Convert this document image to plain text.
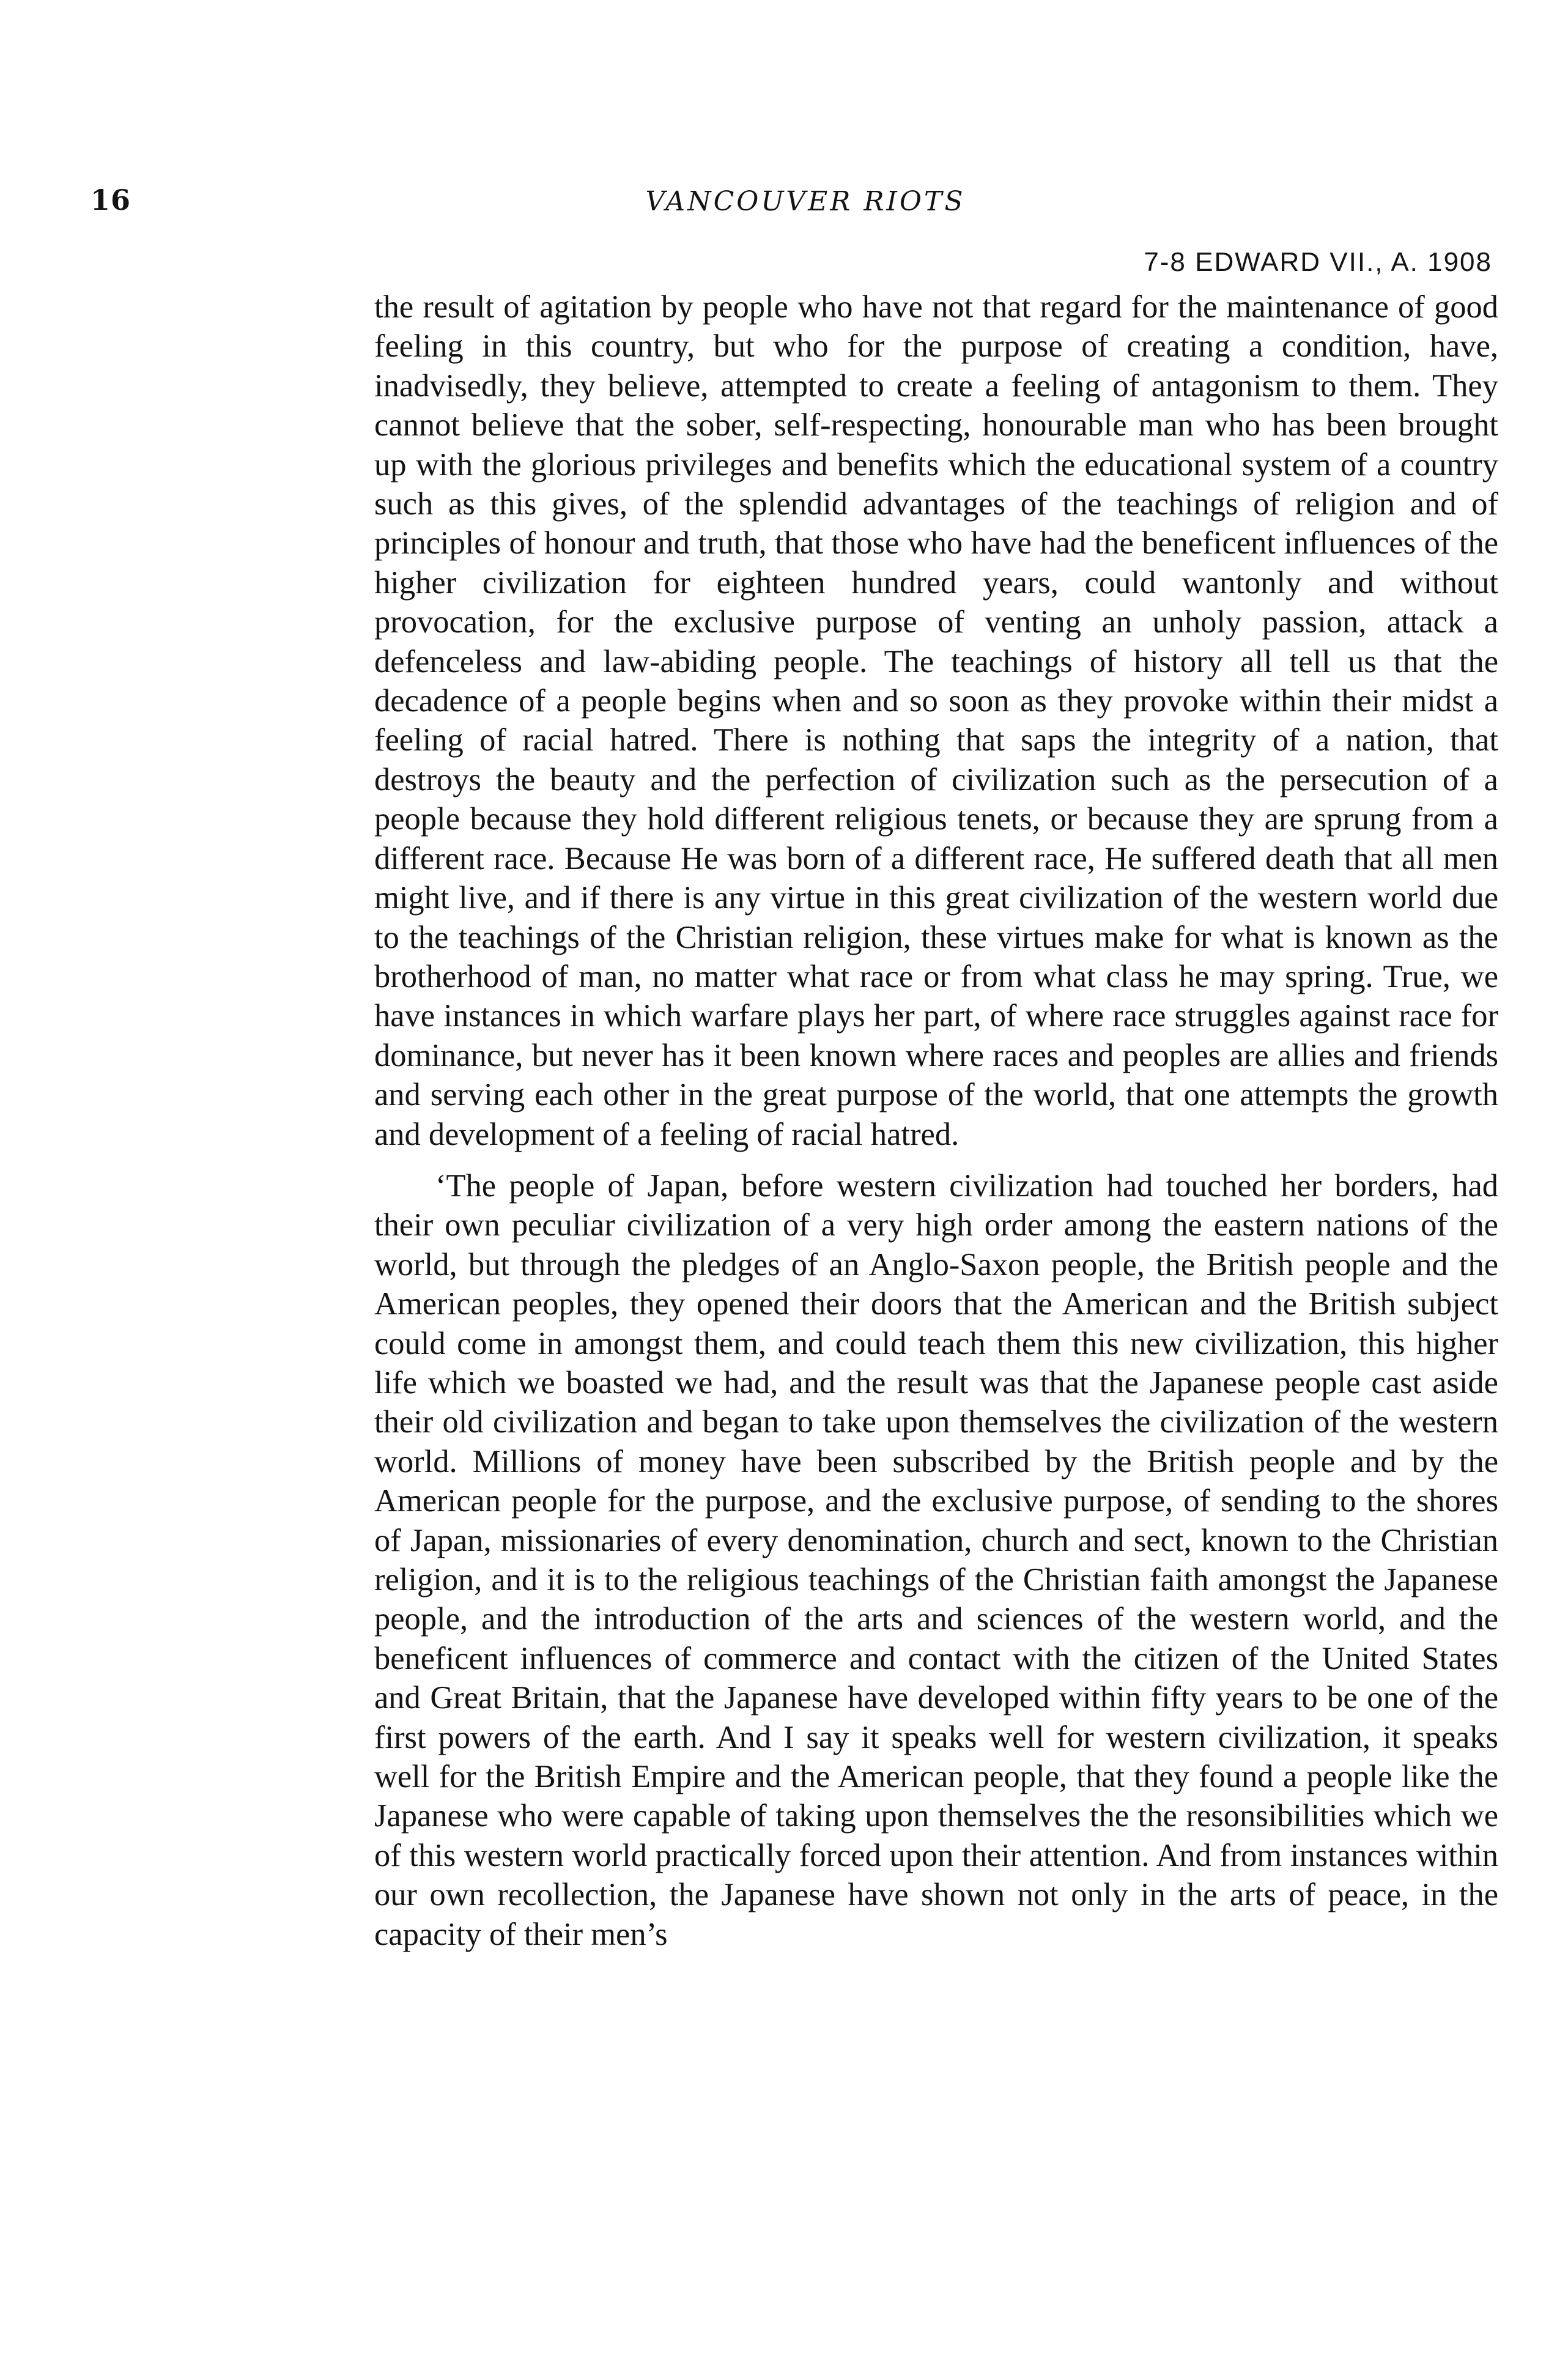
16	VANCOUVER RIOTS
7-8 EDWARD VII., A. 1908

the result of agitation by people who have not that regard for the maintenance of good feeling in this country, but who for the purpose of creating a condition, have, inadvisedly, they believe, attempted to create a feeling of antagonism to them. They cannot believe that the sober, self-respecting, honourable man who has been brought up with the glorious privileges and benefits which the educational system of a country such as this gives, of the splendid advantages of the teachings of religion and of principles of honour and truth, that those who have had the beneficent influences of the higher civilization for eighteen hundred years, could wantonly and without provocation, for the exclusive purpose of venting an unholy passion, attack a defenceless and law-abiding people. The teachings of history all tell us that the decadence of a people begins when and so soon as they provoke within their midst a feeling of racial hatred. There is nothing that saps the integrity of a nation, that destroys the beauty and the perfection of civilization such as the persecution of a people because they hold different religious tenets, or because they are sprung from a different race. Because He was born of a different race, He suffered death that all men might live, and if there is any virtue in this great civilization of the western world due to the teachings of the Christian religion, these virtues make for what is known as the brotherhood of man, no matter what race or from what class he may spring. True, we have instances in which warfare plays her part, of where race struggles against race for dominance, but never has it been known where races and peoples are allies and friends and serving each other in the great purpose of the world, that one attempts the growth and development of a feeling of racial hatred.

‘The people of Japan, before western civilization had touched her borders, had their own peculiar civilization of a very high order among the eastern nations of the world, but through the pledges of an Anglo-Saxon people, the British people and the American peoples, they opened their doors that the American and the British subject could come in amongst them, and could teach them this new civilization, this higher life which we boasted we had, and the result was that the Japanese people cast aside their old civilization and began to take upon themselves the civilization of the western world. Millions of money have been subscribed by the British people and by the American people for the purpose, and the exclusive purpose, of sending to the shores of Japan, missionaries of every denomination, church and sect, known to the Christian religion, and it is to the religious teachings of the Christian faith amongst the Japanese people, and the introduction of the arts and sciences of the western world, and the beneficent influences of commerce and contact with the citizen of the United States and Great Britain, that the Japanese have developed within fifty years to be one of the first powers of the earth. And I say it speaks well for western civilization, it speaks well for the British Empire and the American people, that they found a people like the Japanese who were capable of taking upon themselves the the resonsibilities which we of this western world practically forced upon their attention. And from instances within our own recollection, the Japanese have shown not only in the arts of peace, in the capacity of their men’s
